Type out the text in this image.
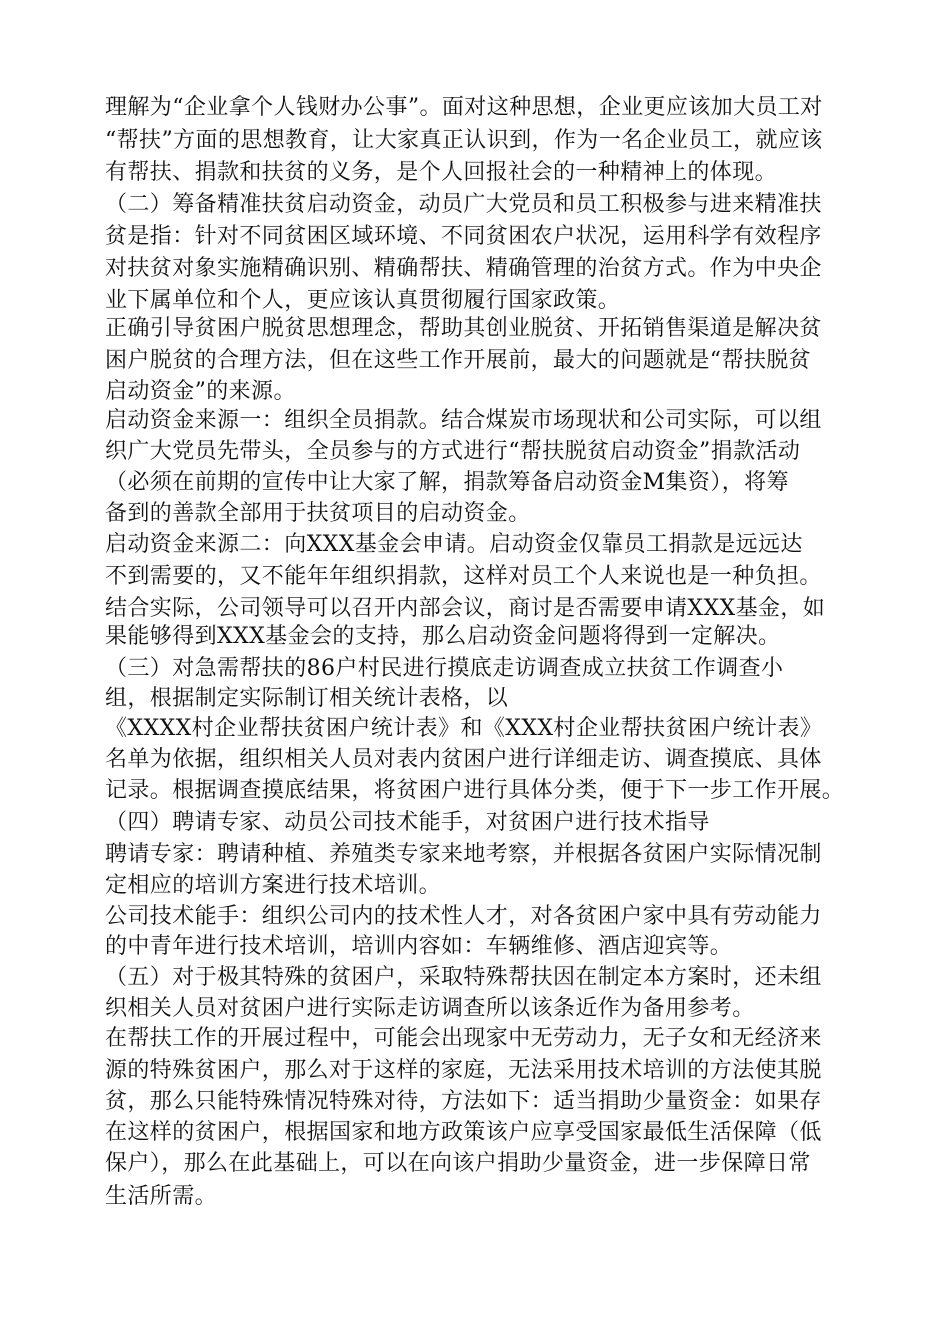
理解为“企业拿个人钱财办公事”。面对这种思想，企业更应该加大员工对
“帮扶”方面的思想教育，让大家真正认识到，作为一名企业员工，就应该
有帮扶、捐款和扶贫的义务，是个人回报社会的一种精神上的体现。
（二）筹备精准扶贫启动资金，动员广大党员和员工积极参与进来精准扶
贫是指：针对不同贫困区域环境、不同贫困农户状况，运用科学有效程序
对扶贫对象实施精确识别、精确帮扶、精确管理的治贫方式。作为中央企
业下属单位和个人，更应该认真贯彻履行国家政策。
正确引导贫困户脱贫思想理念，帮助其创业脱贫、开拓销售渠道是解决贫
困户脱贫的合理方法，但在这些工作开展前，最大的问题就是“帮扶脱贫
启动资金”的来源。
启动资金来源一：组织全员捐款。结合煤炭市场现状和公司实际，可以组
织广大党员先带头，全员参与的方式进行“帮扶脱贫启动资金”捐款活动
（必须在前期的宣传中让大家了解，捐款筹备启动资金M集资），将筹
备到的善款全部用于扶贫项目的启动资金。
启动资金来源二：向XXX基金会申请。启动资金仅靠员工捐款是远远达
不到需要的，又不能年年组织捐款，这样对员工个人来说也是一种负担。
结合实际，公司领导可以召开内部会议，商讨是否需要申请XXX基金，如
果能够得到XXX基金会的支持，那么启动资金问题将得到一定解决。
（三）对急需帮扶的86户村民进行摸底走访调查成立扶贫工作调查小
组，根据制定实际制订相关统计表格，以
《XXXX村企业帮扶贫困户统计表》和《XXX村企业帮扶贫困户统计表》
名单为依据，组织相关人员对表内贫困户进行详细走访、调查摸底、具体
记录。根据调查摸底结果，将贫困户进行具体分类，便于下一步工作开展。
（四）聘请专家、动员公司技术能手，对贫困户进行技术指导
聘请专家：聘请种植、养殖类专家来地考察，并根据各贫困户实际情况制
定相应的培训方案进行技术培训。
公司技术能手：组织公司内的技术性人才，对各贫困户家中具有劳动能力
的中青年进行技术培训，培训内容如：车辆维修、酒店迎宾等。
（五）对于极其特殊的贫困户，采取特殊帮扶因在制定本方案时，还未组
织相关人员对贫困户进行实际走访调查所以该条近作为备用参考。
在帮扶工作的开展过程中，可能会出现家中无劳动力，无子女和无经济来
源的特殊贫困户，那么对于这样的家庭，无法采用技术培训的方法使其脱
贫，那么只能特殊情况特殊对待，方法如下：适当捐助少量资金：如果存
在这样的贫困户，根据国家和地方政策该户应享受国家最低生活保障（低
保户），那么在此基础上，可以在向该户捐助少量资金，进一步保障日常
生活所需。
